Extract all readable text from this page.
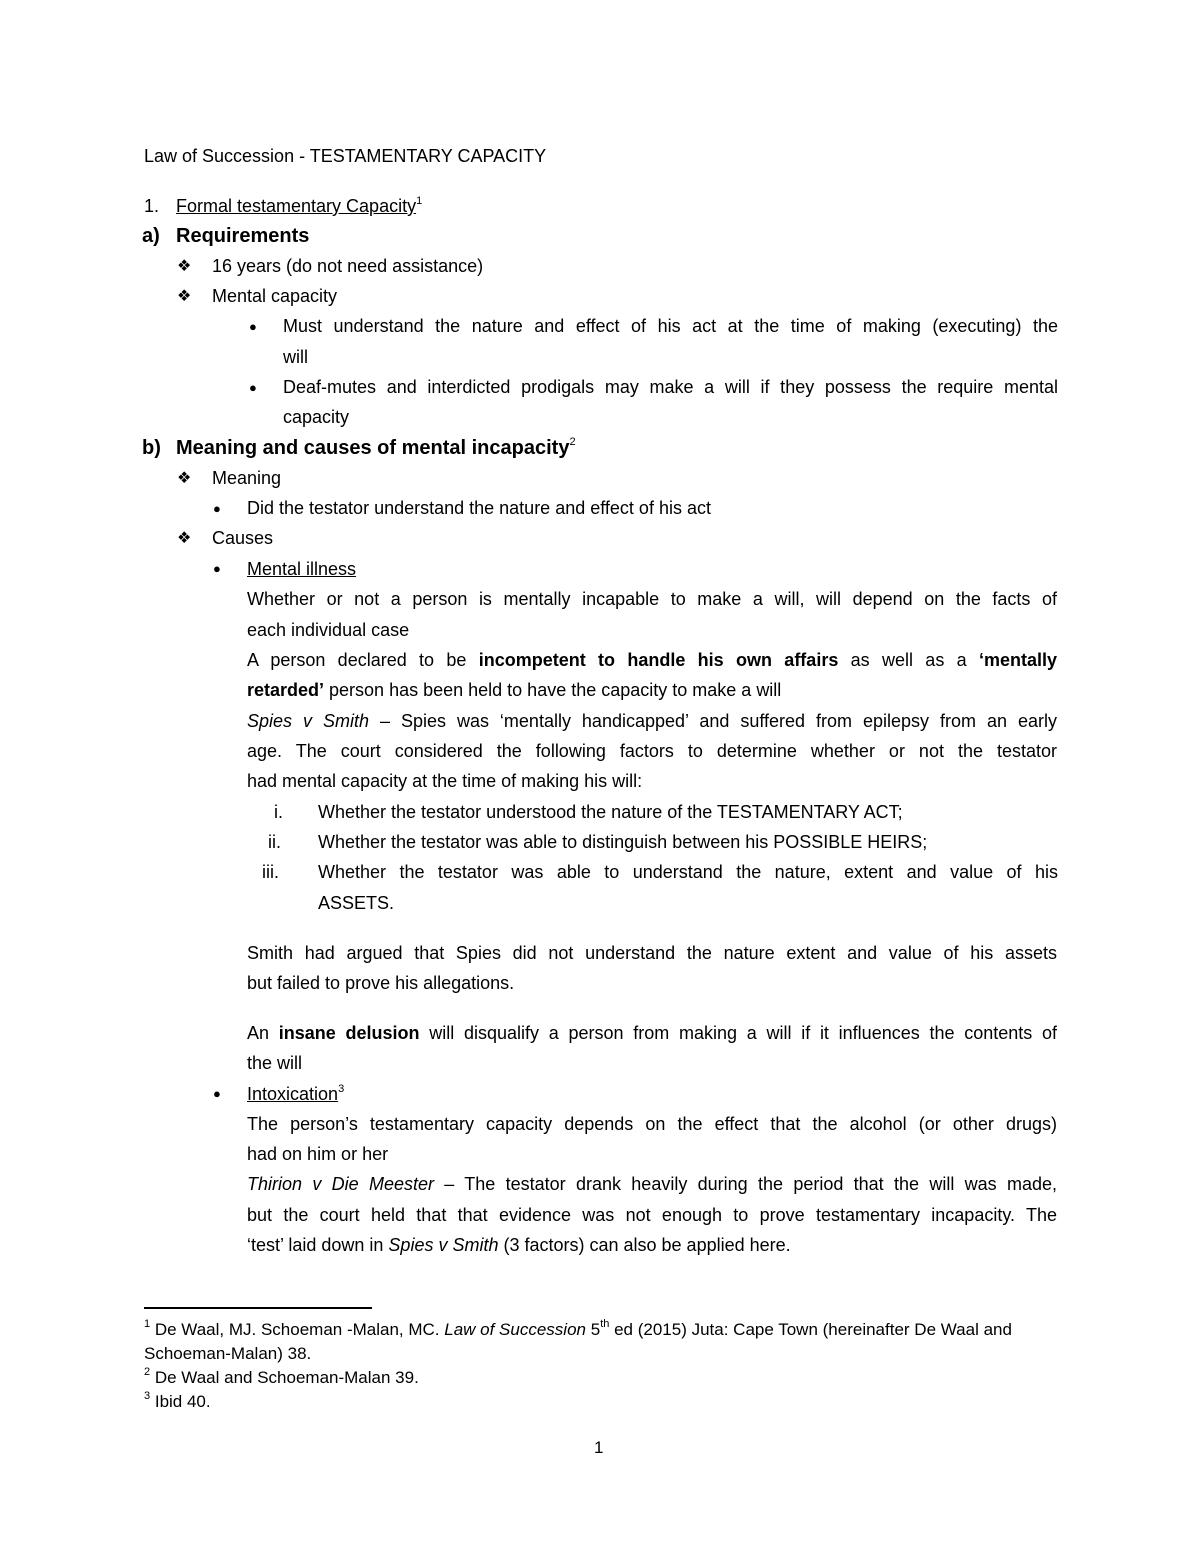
Law of Succession - TESTAMENTARY CAPACITY
1. Formal testamentary Capacity$^1$
a) Requirements
❖ 16 years (do not need assistance)
❖ Mental capacity
● Must understand the nature and effect of his act at the time of making (executing) the
will
● Deaf-mutes and interdicted prodigals may make a will if they possess the require mental
capacity
b) Meaning and causes of mental incapacity$^2$
❖ Meaning
● Did the testator understand the nature and effect of his act
❖ Causes
● Mental illness
Whether or not a person is mentally incapable to make a will, will depend on the facts of
each individual case
A person declared to be incompetent to handle his own affairs as well as a ‘mentally
retarded’ person has been held to have the capacity to make a will
Spies v Smith – Spies was ‘mentally handicapped’ and suffered from epilepsy from an early
age. The court considered the following factors to determine whether or not the testator
had mental capacity at the time of making his will:
i. Whether the testator understood the nature of the TESTAMENTARY ACT;
ii. Whether the testator was able to distinguish between his POSSIBLE HEIRS;
iii. Whether the testator was able to understand the nature, extent and value of his
ASSETS.
Smith had argued that Spies did not understand the nature extent and value of his assets
but failed to prove his allegations.
An insane delusion will disqualify a person from making a will if it influences the contents of
the will
● Intoxication$^3$
The person’s testamentary capacity depends on the effect that the alcohol (or other drugs)
had on him or her
Thirion v Die Meester – The testator drank heavily during the period that the will was made,
but the court held that that evidence was not enough to prove testamentary incapacity. The
‘test’ laid down in Spies v Smith (3 factors) can also be applied here.
$^1$ De Waal, MJ. Schoeman -Malan, MC. Law of Succession 5th ed (2015) Juta: Cape Town (hereinafter De Waal and
Schoeman-Malan) 38.
$^2$ De Waal and Schoeman-Malan 39.
$^3$ Ibid 40.
1
